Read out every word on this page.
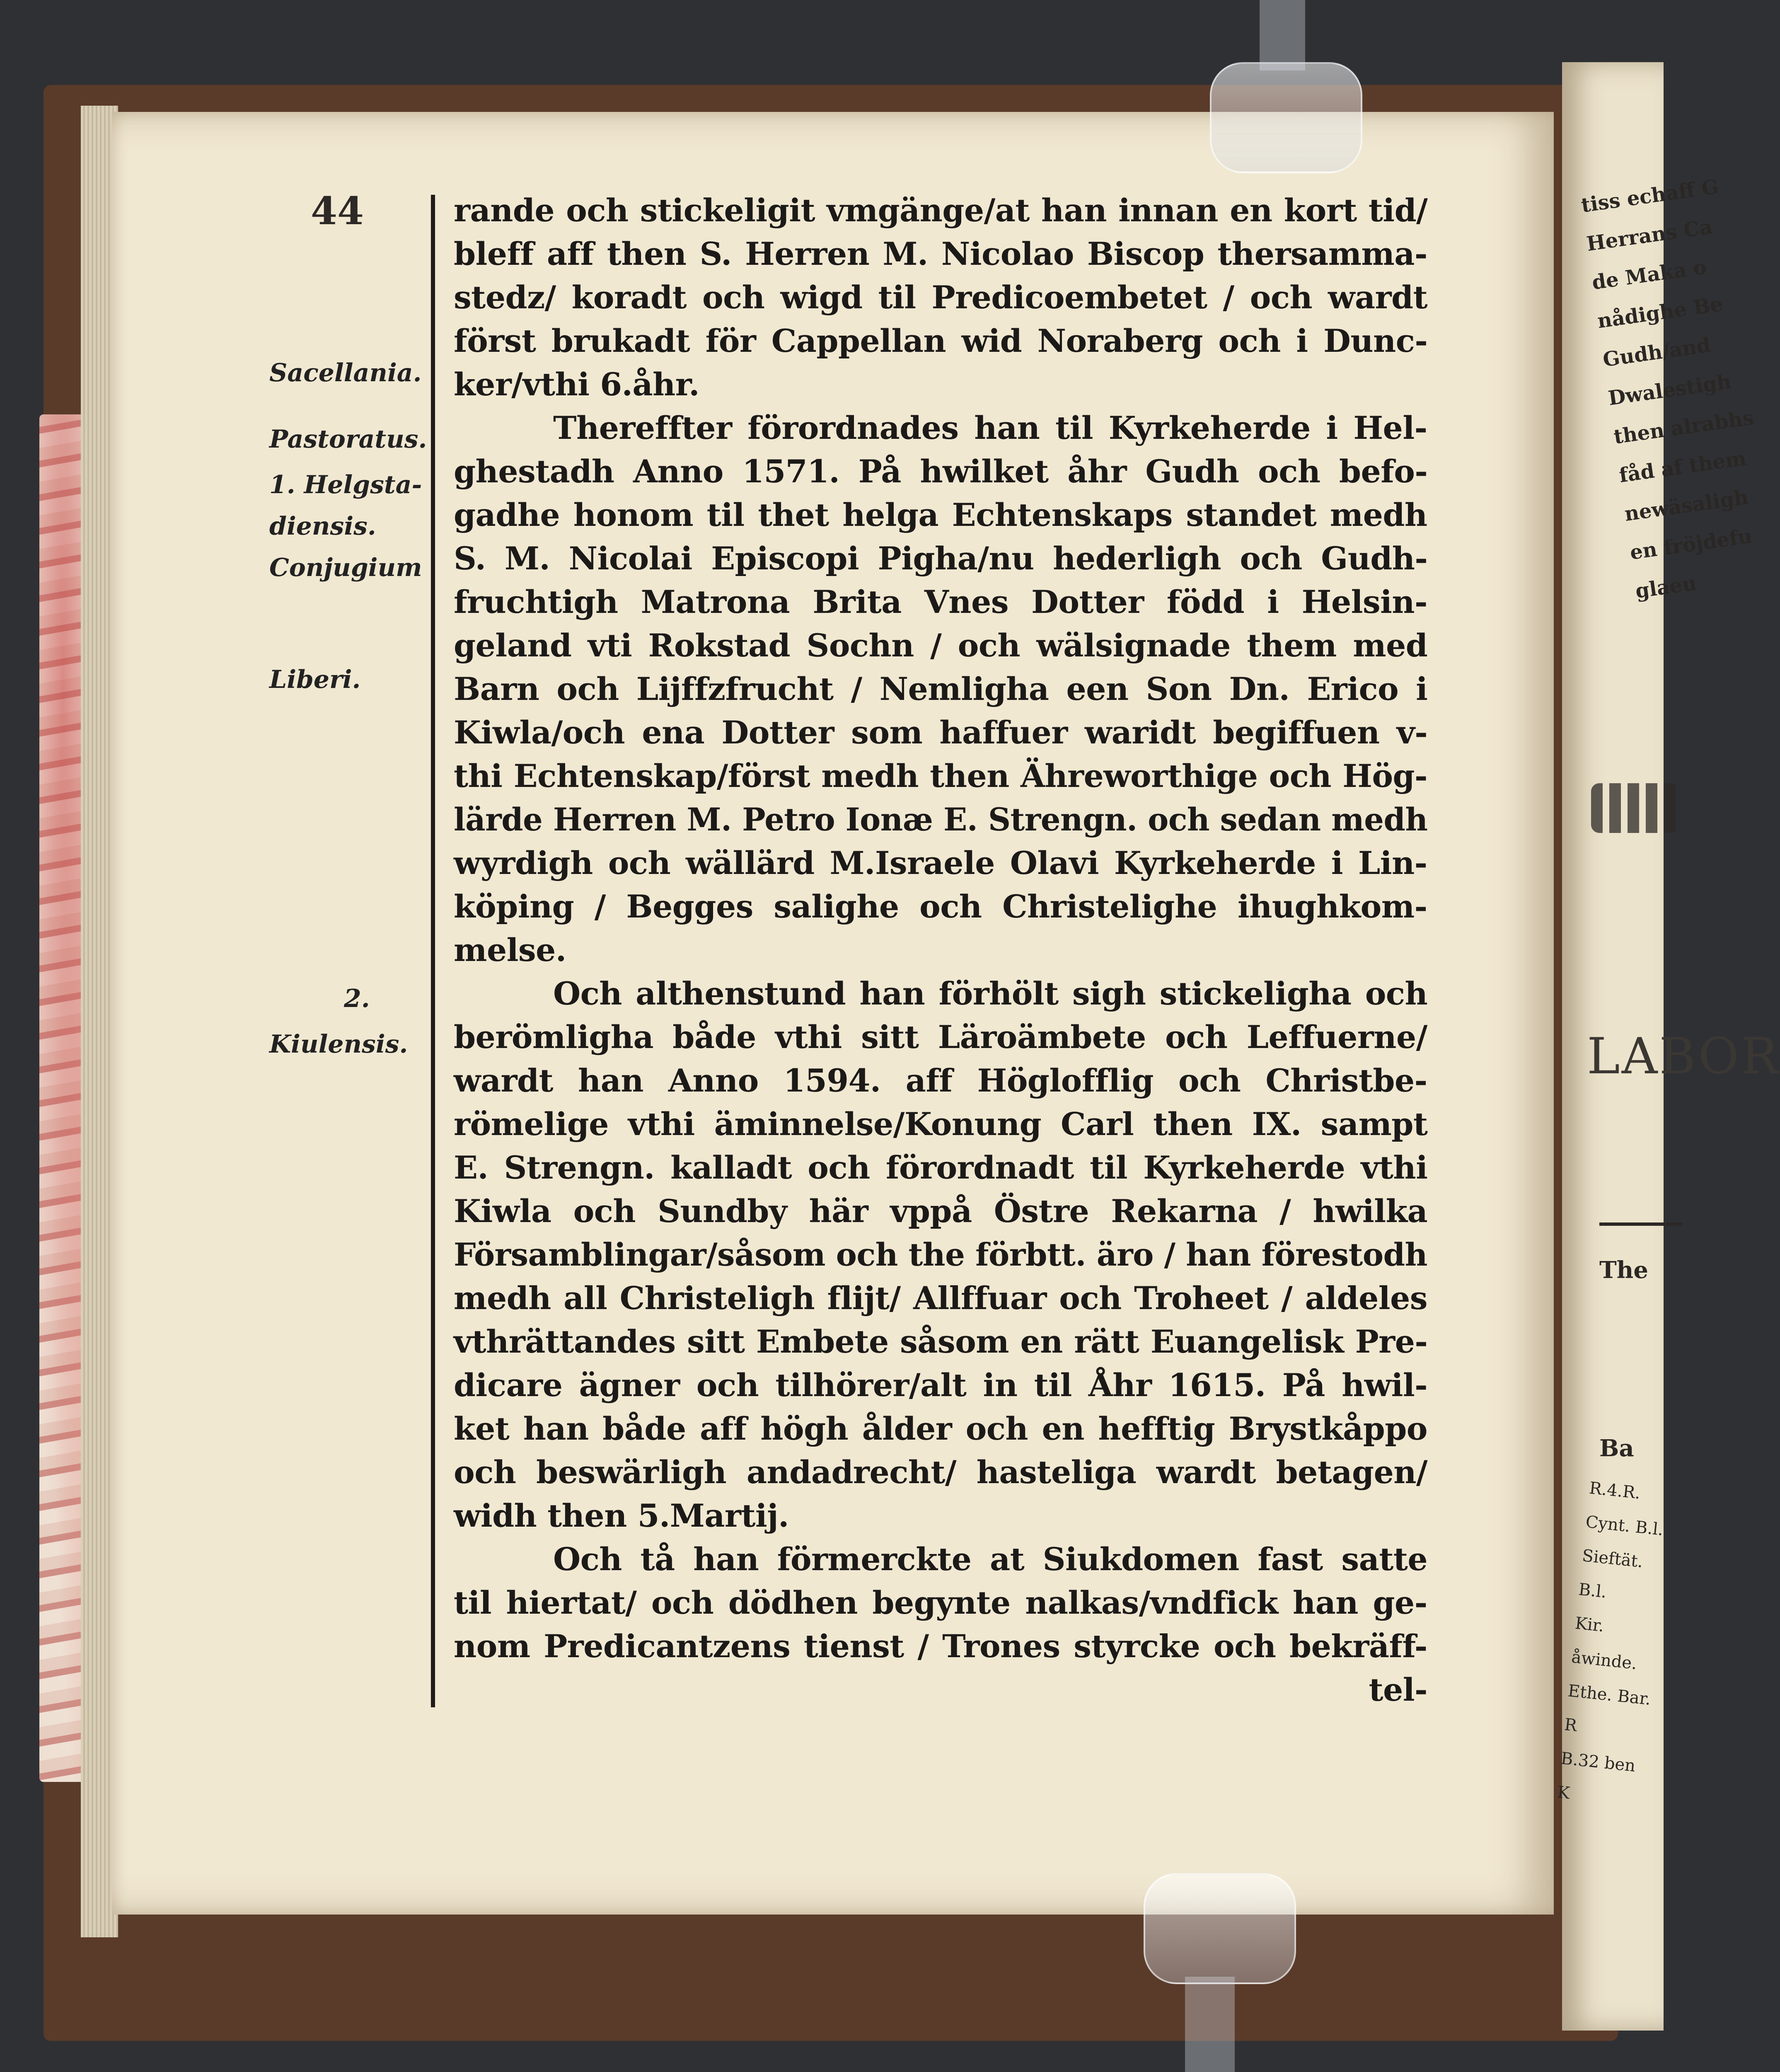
tiss echaff G
Herrans Ca
de Maka o
nådighe Be
Gudh/and
Dwalestigh
then alrabhs
fåd af them
newäsaligh
en fröjdefu
glaeu
LABOR
The
Ba
R.4.R.
Cynt. B.l.
Sieftät. B.l.
Kir. åwinde.
Ethe. Bar. R
B.32 ben K
44
Sacellania.
Pastoratus.
1. Helgsta-
diensis.
Conjugium
Liberi.
2.
Kiulensis.
rande och stickeligit vmgänge/at han innan en kort tid/
bleff aff then S. Herren M. Nicolao Biscop thersamma-
stedz/ koradt och wigd til Predicoembetet / och wardt
först brukadt för Cappellan wid Noraberg och i Dunc-
ker/vthi 6.åhr.
Thereffter förordnades han til Kyrkeherde i Hel-
ghestadh Anno 1571. På hwilket åhr Gudh och befo-
gadhe honom til thet helga Echtenskaps standet medh
S. M. Nicolai Episcopi Pigha/nu hederligh och Gudh-
fruchtigh Matrona Brita Vnes Dotter född i Helsin-
geland vti Rokstad Sochn / och wälsignade them med
Barn och Lijffzfrucht / Nemligha een Son Dn. Erico i
Kiwla/och ena Dotter som haffuer waridt begiffuen v-
thi Echtenskap/först medh then Ähreworthige och Hög-
lärde Herren M. Petro Ionæ E. Strengn. och sedan medh
wyrdigh och wällärd M.Israele Olavi Kyrkeherde i Lin-
köping / Begges salighe och Christelighe ihughkom-
melse.
Och althenstund han förhölt sigh stickeligha och
berömligha både vthi sitt Läroämbete och Leffuerne/
wardt han Anno 1594. aff Höglofflig och Christbe-
römelige vthi äminnelse/Konung Carl then IX. sampt
E. Strengn. kalladt och förordnadt til Kyrkeherde vthi
Kiwla och Sundby här vppå Östre Rekarna / hwilka
Församblingar/såsom och the förbtt. äro / han förestodh
medh all Christeligh flijt/ Allffuar och Troheet / aldeles
vthrättandes sitt Embete såsom en rätt Euangelisk Pre-
dicare ägner och tilhörer/alt in til Åhr 1615. På hwil-
ket han både aff högh ålder och en hefftig Brystkåppo
och beswärligh andadrecht/ hasteliga wardt betagen/
widh then 5.Martij.
Och tå han förmerckte at Siukdomen fast satte
til hiertat/ och dödhen begynte nalkas/vndfick han ge-
nom Predicantzens tienst / Trones styrcke och bekräff-
tel-
